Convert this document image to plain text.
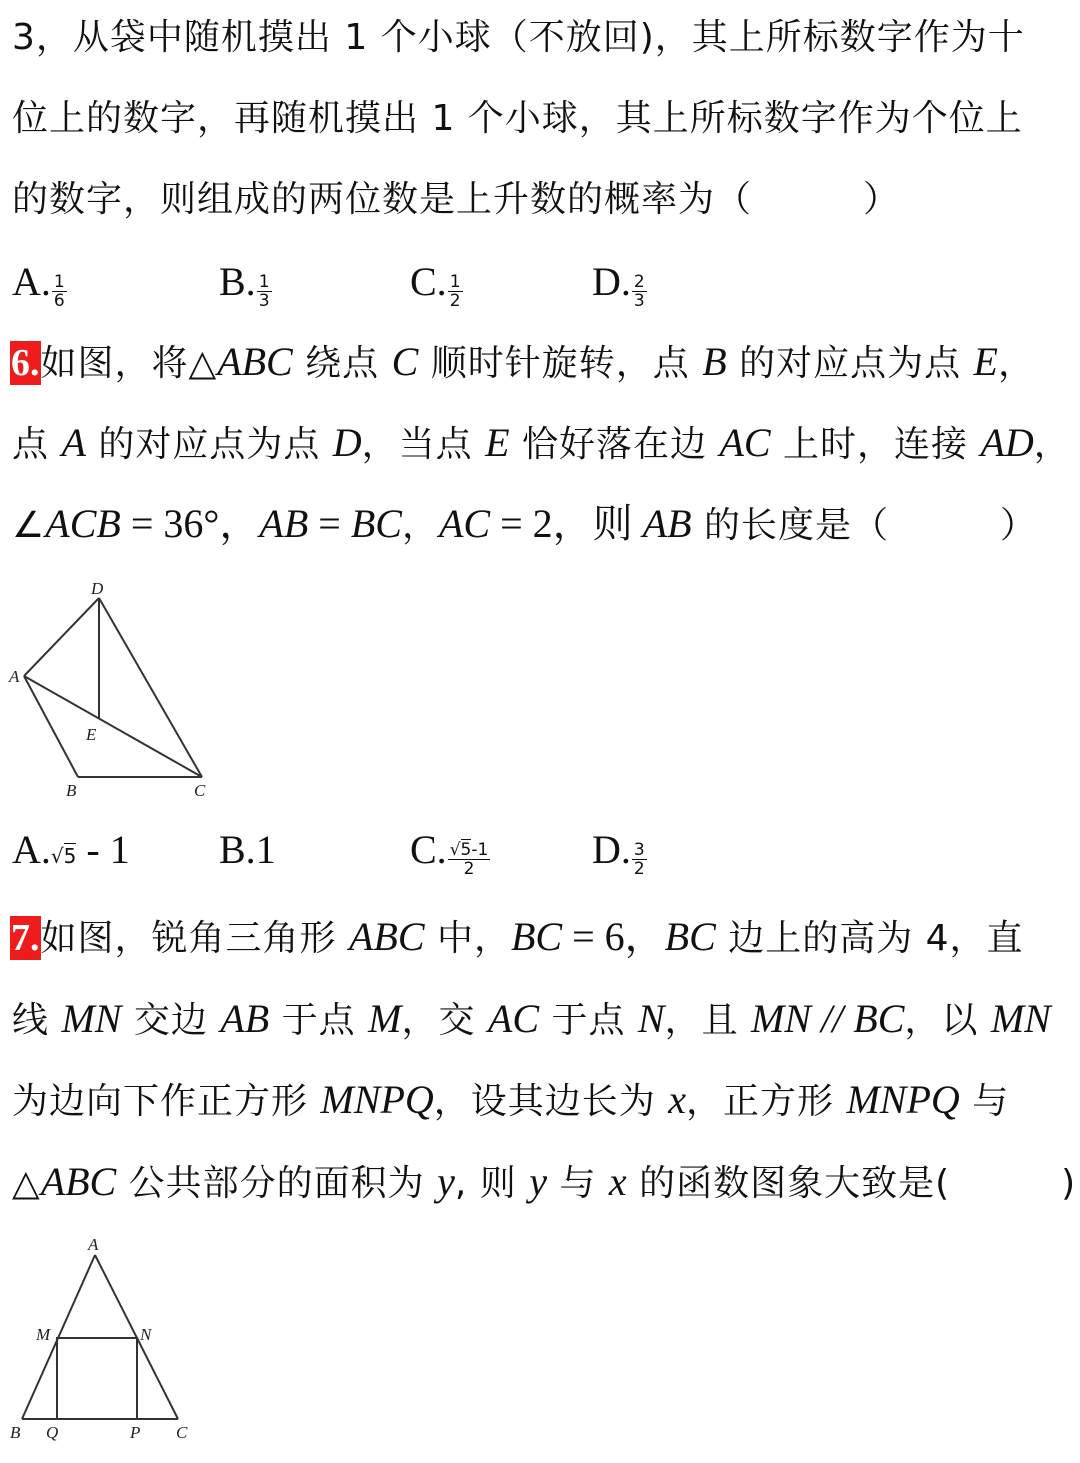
3，从袋中随机摸出 1 个小球（不放回)，其上所标数字作为十
位上的数字，再随机摸出 1 个小球，其上所标数字作为个位上
的数字，则组成的两位数是上升数的概率为（　　　）
A. $\frac{1}{6}$	B. $\frac{1}{3}$	C. $\frac{1}{2}$	D. $\frac{2}{3}$
6.如图，将△ABC 绕点 C 顺时针旋转，点 B 的对应点为点 E，
点 A 的对应点为点 D，当点 E 恰好落在边 AC 上时，连接 AD，
∠ACB = 36°，AB = BC，AC = 2，则 AB 的长度是（　　　）
D
A
E
B	C
A.√5 - 1 B.1	C. $\frac{√5-1}{2}$	D. $\frac{3}{2}$
7.如图，锐角三角形 ABC 中，BC = 6，BC 边上的高为 4，直
线 MN 交边 AB 于点 M，交 AC 于点 N，且 MN // BC，以 MN
为边向下作正方形 MNPQ，设其边长为 x，正方形 MNPQ 与
△ABC 公共部分的面积为 y, 则 y 与 x 的函数图象大致是(　　　)
A
M	N
B Q	P C
